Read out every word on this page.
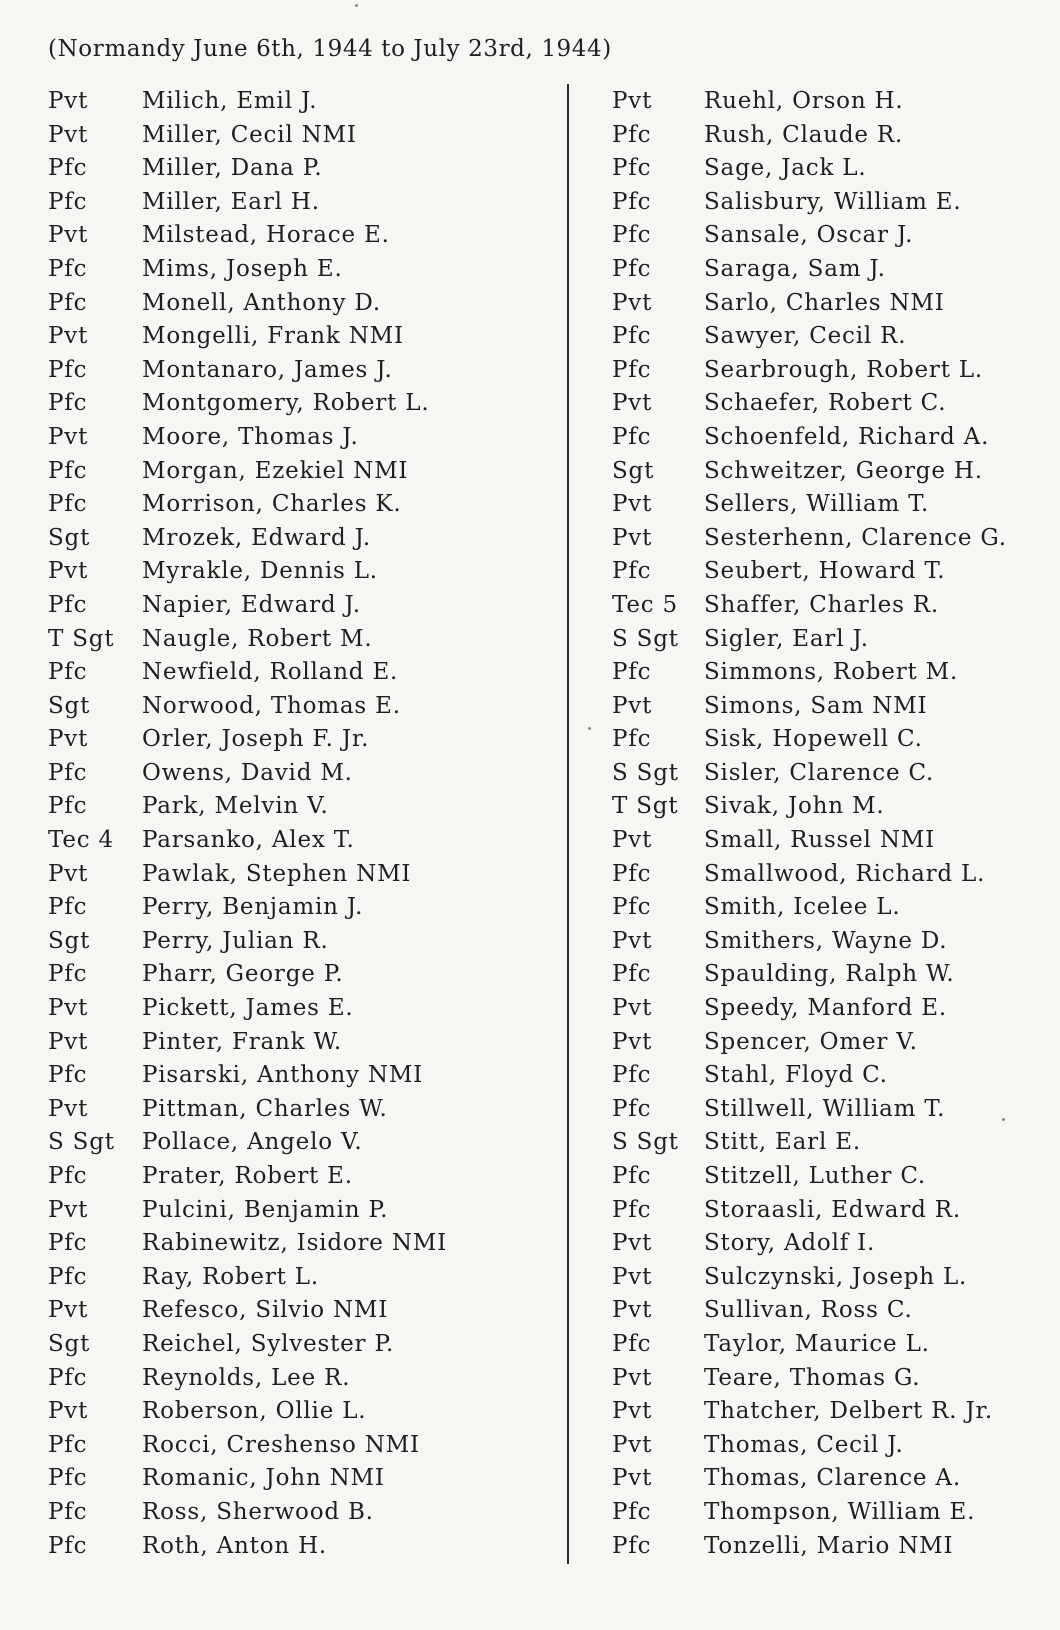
(Normandy June 6th, 1944 to July 23rd, 1944)
Pvt Milich, Emil J.
Pvt Miller, Cecil NMI
Pfc Miller, Dana P.
Pfc Miller, Earl H.
Pvt Milstead, Horace E.
Pfc Mims, Joseph E.
Pfc Monell, Anthony D.
Pvt Mongelli, Frank NMI
Pfc Montanaro, James J.
Pfc Montgomery, Robert L.
Pvt Moore, Thomas J.
Pfc Morgan, Ezekiel NMI
Pfc Morrison, Charles K.
Sgt Mrozek, Edward J.
Pvt Myrakle, Dennis L.
Pfc Napier, Edward J.
T Sgt Naugle, Robert M.
Pfc Newfield, Rolland E.
Sgt Norwood, Thomas E.
Pvt Orler, Joseph F. Jr.
Pfc Owens, David M.
Pfc Park, Melvin V.
Tec 4 Parsanko, Alex T.
Pvt Pawlak, Stephen NMI
Pfc Perry, Benjamin J.
Sgt Perry, Julian R.
Pfc Pharr, George P.
Pvt Pickett, James E.
Pvt Pinter, Frank W.
Pfc Pisarski, Anthony NMI
Pvt Pittman, Charles W.
S Sgt Pollace, Angelo V.
Pfc Prater, Robert E.
Pvt Pulcini, Benjamin P.
Pfc Rabinewitz, Isidore NMI
Pfc Ray, Robert L.
Pvt Refesco, Silvio NMI
Sgt Reichel, Sylvester P.
Pfc Reynolds, Lee R.
Pvt Roberson, Ollie L.
Pfc Rocci, Creshenso NMI
Pfc Romanic, John NMI
Pfc Ross, Sherwood B.
Pfc Roth, Anton H.
Pvt Ruehl, Orson H.
Pfc Rush, Claude R.
Pfc Sage, Jack L.
Pfc Salisbury, William E.
Pfc Sansale, Oscar J.
Pfc Saraga, Sam J.
Pvt Sarlo, Charles NMI
Pfc Sawyer, Cecil R.
Pfc Searbrough, Robert L.
Pvt Schaefer, Robert C.
Pfc Schoenfeld, Richard A.
Sgt Schweitzer, George H.
Pvt Sellers, William T.
Pvt Sesterhenn, Clarence G.
Pfc Seubert, Howard T.
Tec 5 Shaffer, Charles R.
S Sgt Sigler, Earl J.
Pfc Simmons, Robert M.
Pvt Simons, Sam NMI
Pfc Sisk, Hopewell C.
S Sgt Sisler, Clarence C.
T Sgt Sivak, John M.
Pvt Small, Russel NMI
Pfc Smallwood, Richard L.
Pfc Smith, Icelee L.
Pvt Smithers, Wayne D.
Pfc Spaulding, Ralph W.
Pvt Speedy, Manford E.
Pvt Spencer, Omer V.
Pfc Stahl, Floyd C.
Pfc Stillwell, William T.
S Sgt Stitt, Earl E.
Pfc Stitzell, Luther C.
Pfc Storaasli, Edward R.
Pvt Story, Adolf I.
Pvt Sulczynski, Joseph L.
Pvt Sullivan, Ross C.
Pfc Taylor, Maurice L.
Pvt Teare, Thomas G.
Pvt Thatcher, Delbert R. Jr.
Pvt Thomas, Cecil J.
Pvt Thomas, Clarence A.
Pfc Thompson, William E.
Pfc Tonzelli, Mario NMI
